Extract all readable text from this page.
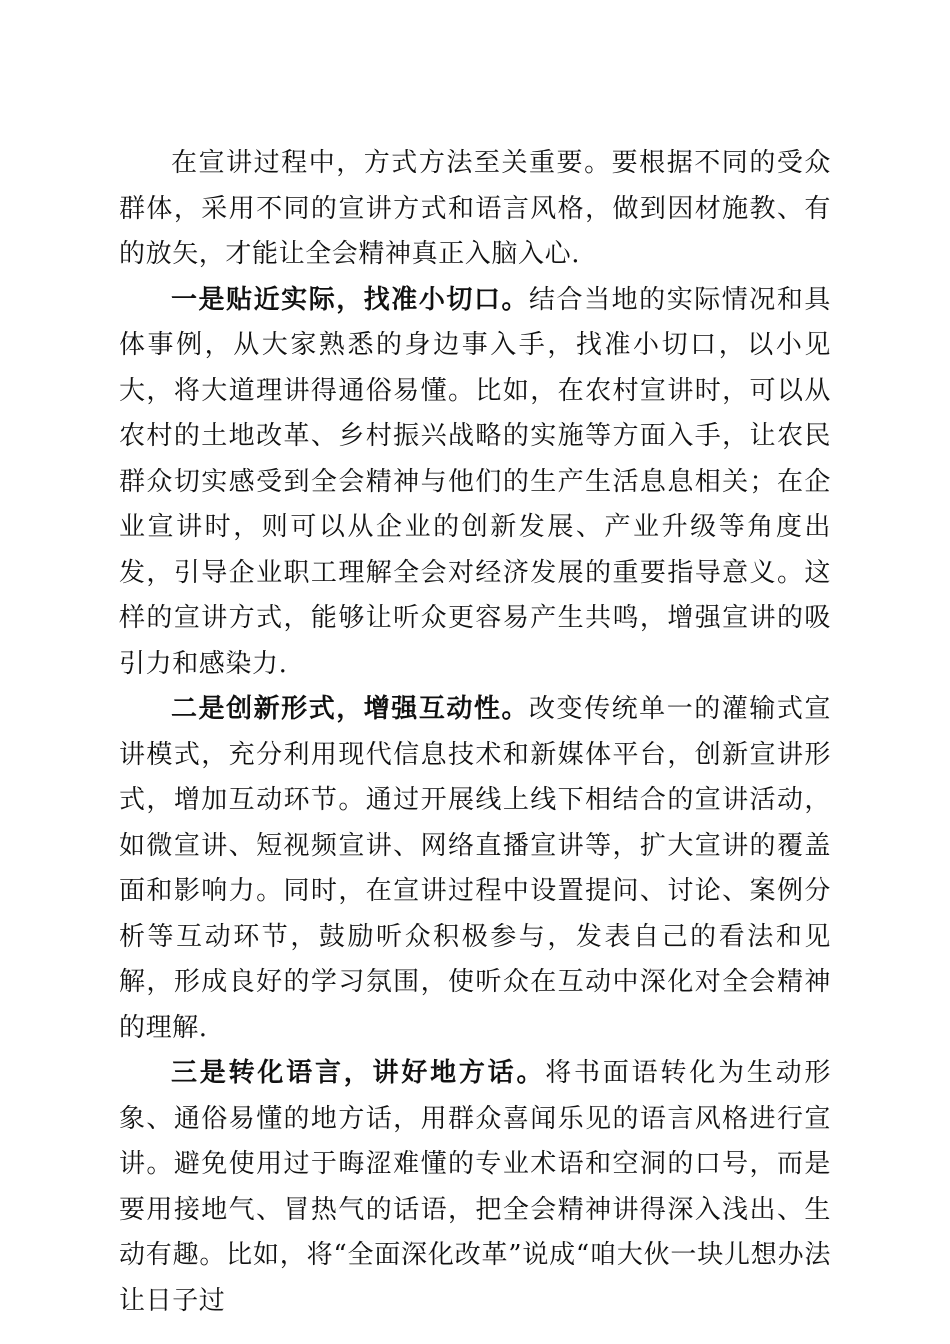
在宣讲过程中，方式方法至关重要。要根据不同的受众群体，采用不同的宣讲方式和语言风格，做到因材施教、有的放矢，才能让全会精神真正入脑入心.

一是贴近实际，找准小切口。结合当地的实际情况和具体事例，从大家熟悉的身边事入手，找准小切口，以小见大，将大道理讲得通俗易懂。比如，在农村宣讲时，可以从农村的土地改革、乡村振兴战略的实施等方面入手，让农民群众切实感受到全会精神与他们的生产生活息息相关；在企业宣讲时，则可以从企业的创新发展、产业升级等角度出发，引导企业职工理解全会对经济发展的重要指导意义。这样的宣讲方式，能够让听众更容易产生共鸣，增强宣讲的吸引力和感染力.

二是创新形式，增强互动性。改变传统单一的灌输式宣讲模式，充分利用现代信息技术和新媒体平台，创新宣讲形式，增加互动环节。通过开展线上线下相结合的宣讲活动，如微宣讲、短视频宣讲、网络直播宣讲等，扩大宣讲的覆盖面和影响力。同时，在宣讲过程中设置提问、讨论、案例分析等互动环节，鼓励听众积极参与，发表自己的看法和见解，形成良好的学习氛围，使听众在互动中深化对全会精神的理解.

三是转化语言，讲好地方话。将书面语转化为生动形象、通俗易懂的地方话，用群众喜闻乐见的语言风格进行宣讲。避免使用过于晦涩难懂的专业术语和空洞的口号，而是要用接地气、冒热气的话语，把全会精神讲得深入浅出、生动有趣。比如，将“全面深化改革”说成“咱大伙一块儿想办法让日子过
